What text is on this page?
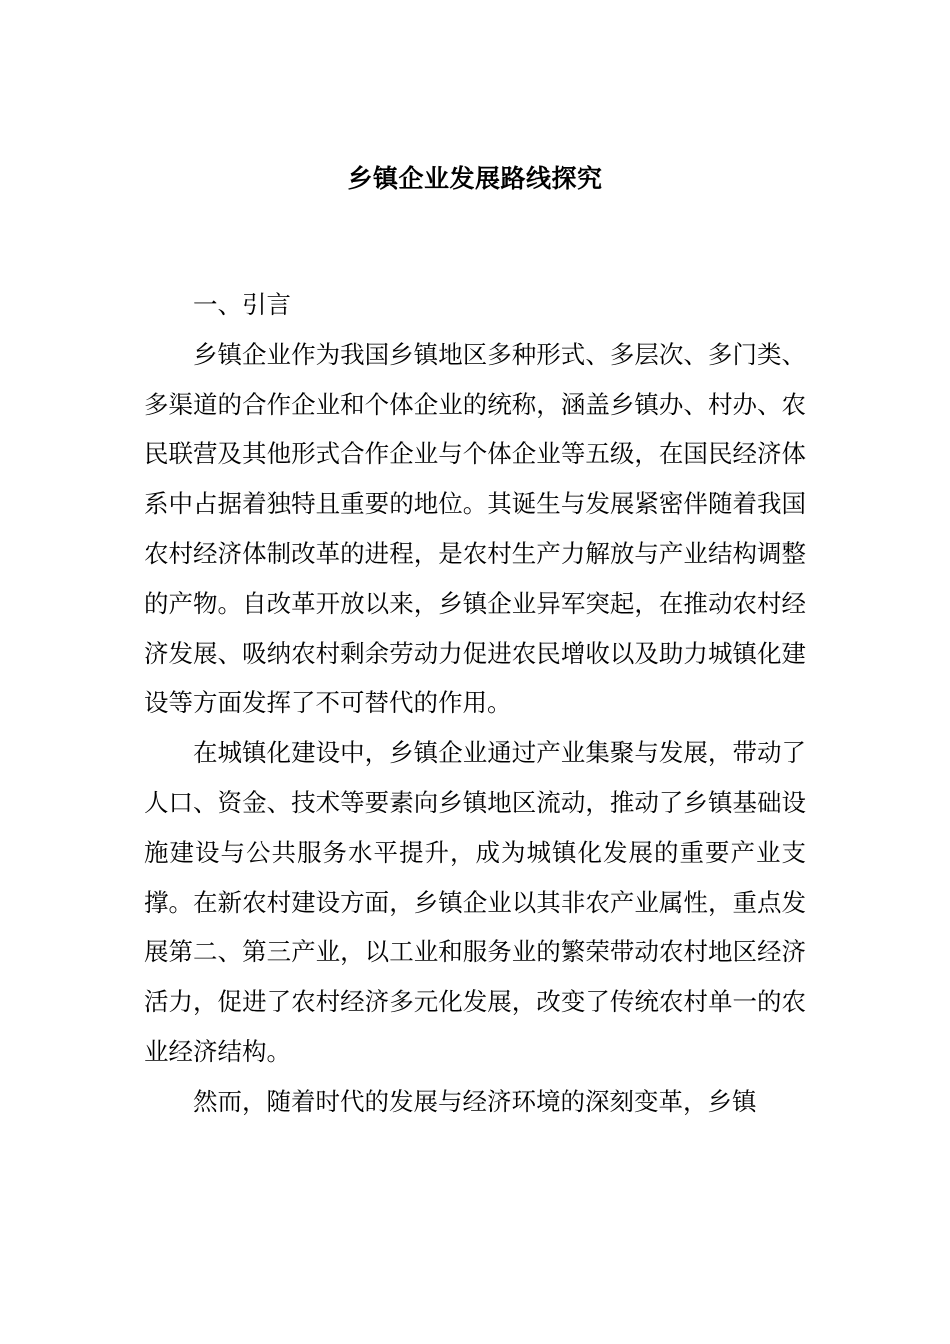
乡镇企业发展路线探究

一、引言

乡镇企业作为我国乡镇地区多种形式、多层次、多门类、多渠道的合作企业和个体企业的统称，涵盖乡镇办、村办、农民联营及其他形式合作企业与个体企业等五级，在国民经济体系中占据着独特且重要的地位。其诞生与发展紧密伴随着我国农村经济体制改革的进程，是农村生产力解放与产业结构调整的产物。自改革开放以来，乡镇企业异军突起，在推动农村经济发展、吸纳农村剩余劳动力促进农民增收以及助力城镇化建设等方面发挥了不可替代的作用。

在城镇化建设中，乡镇企业通过产业集聚与发展，带动了人口、资金、技术等要素向乡镇地区流动，推动了乡镇基础设施建设与公共服务水平提升，成为城镇化发展的重要产业支撑。在新农村建设方面，乡镇企业以其非农产业属性，重点发展第二、第三产业，以工业和服务业的繁荣带动农村地区经济活力，促进了农村经济多元化发展，改变了传统农村单一的农业经济结构。

然而，随着时代的发展与经济环境的深刻变革，乡镇
